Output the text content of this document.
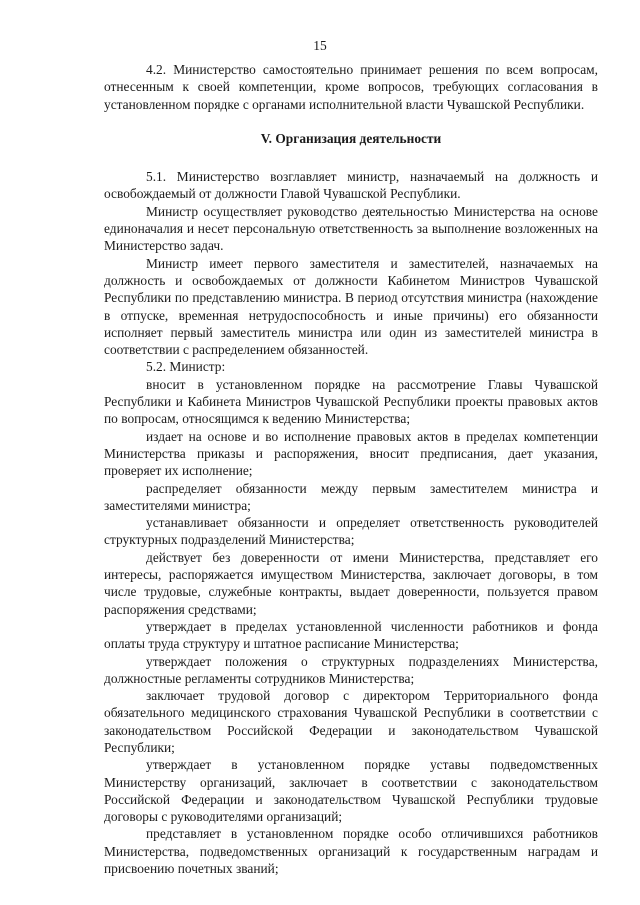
15

4.2. Министерство самостоятельно принимает решения по всем вопросам, отнесенным к своей компетенции, кроме вопросов, требующих согласования в установленном порядке с органами исполнительной власти Чувашской Республики.

V. Организация деятельности

5.1. Министерство возглавляет министр, назначаемый на должность и освобождаемый от должности Главой Чувашской Республики.

Министр осуществляет руководство деятельностью Министерства на основе единоначалия и несет персональную ответственность за выполнение возложенных на Министерство задач.

Министр имеет первого заместителя и заместителей, назначаемых на должность и освобождаемых от должности Кабинетом Министров Чувашской Республики по представлению министра. В период отсутствия министра (нахождение в отпуске, временная нетрудоспособность и иные причины) его обязанности исполняет первый заместитель министра или один из заместителей министра в соответствии с распределением обязанностей.

5.2. Министр:

вносит в установленном порядке на рассмотрение Главы Чувашской Республики и Кабинета Министров Чувашской Республики проекты правовых актов по вопросам, относящимся к ведению Министерства;

издает на основе и во исполнение правовых актов в пределах компетенции Министерства приказы и распоряжения, вносит предписания, дает указания, проверяет их исполнение;

распределяет обязанности между первым заместителем министра и заместителями министра;

устанавливает обязанности и определяет ответственность руководителей структурных подразделений Министерства;

действует без доверенности от имени Министерства, представляет его интересы, распоряжается имуществом Министерства, заключает договоры, в том числе трудовые, служебные контракты, выдает доверенности, пользуется правом распоряжения средствами;

утверждает в пределах установленной численности работников и фонда оплаты труда структуру и штатное расписание Министерства;

утверждает положения о структурных подразделениях Министерства, должностные регламенты сотрудников Министерства;

заключает трудовой договор с директором Территориального фонда обязательного медицинского страхования Чувашской Республики в соответствии с законодательством Российской Федерации и законодательством Чувашской Республики;

утверждает в установленном порядке уставы подведомственных Министерству организаций, заключает в соответствии с законодательством Российской Федерации и законодательством Чувашской Республики трудовые договоры с руководителями организаций;

представляет в установленном порядке особо отличившихся работников Министерства, подведомственных организаций к государственным наградам и присвоению почетных званий;
